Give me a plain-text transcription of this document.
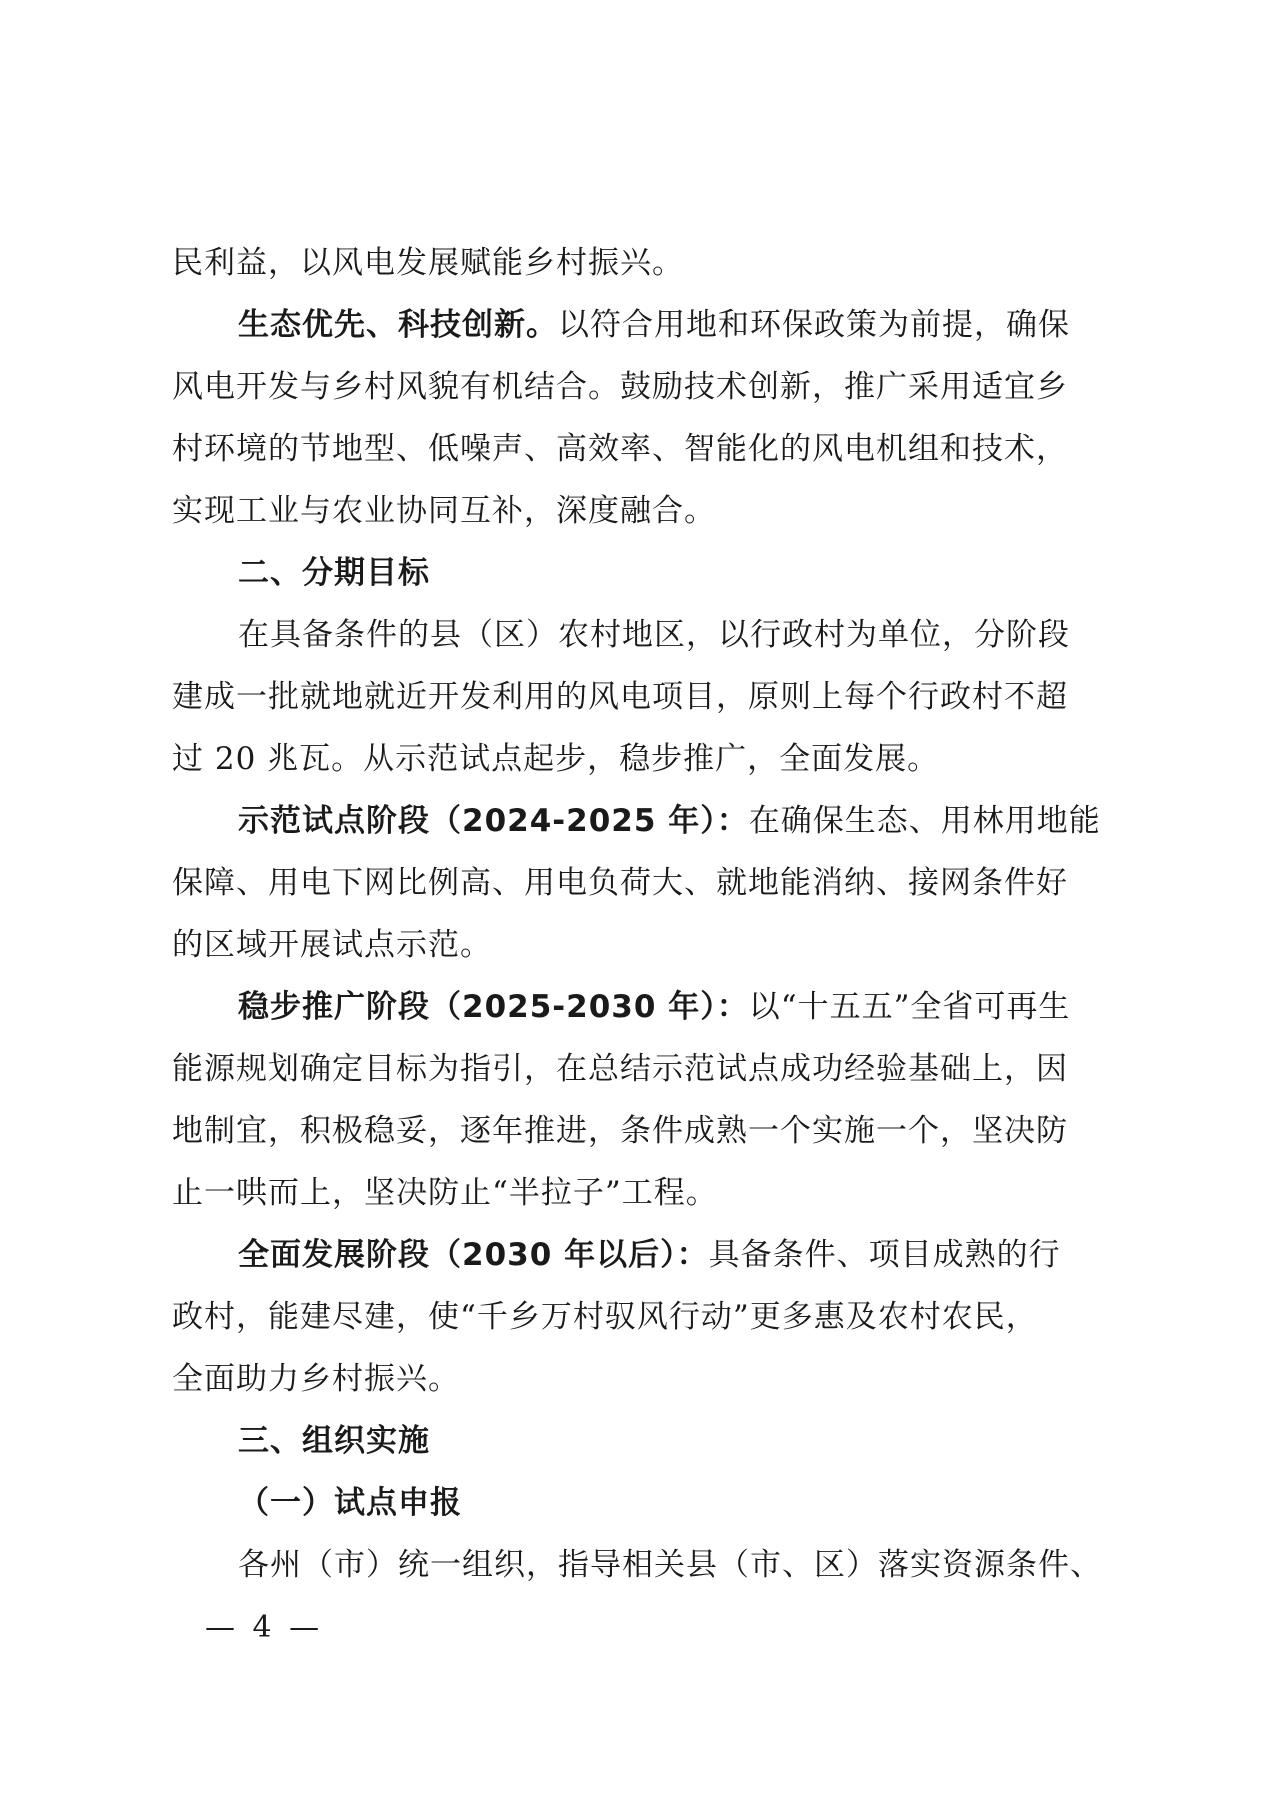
民利益，以风电发展赋能乡村振兴。
生态优先、科技创新。以符合用地和环保政策为前提，确保
风电开发与乡村风貌有机结合。鼓励技术创新，推广采用适宜乡
村环境的节地型、低噪声、高效率、智能化的风电机组和技术，
实现工业与农业协同互补，深度融合。
二、分期目标
在具备条件的县（区）农村地区，以行政村为单位，分阶段
建成一批就地就近开发利用的风电项目，原则上每个行政村不超
过 20 兆瓦。从示范试点起步，稳步推广，全面发展。
示范试点阶段（2024-2025 年）：在确保生态、用林用地能
保障、用电下网比例高、用电负荷大、就地能消纳、接网条件好
的区域开展试点示范。
稳步推广阶段（2025-2030 年）：以“十五五”全省可再生
能源规划确定目标为指引，在总结示范试点成功经验基础上，因
地制宜，积极稳妥，逐年推进，条件成熟一个实施一个，坚决防
止一哄而上，坚决防止“半拉子”工程。
全面发展阶段（2030 年以后）：具备条件、项目成熟的行
政村，能建尽建，使“千乡万村驭风行动”更多惠及农村农民，
全面助力乡村振兴。
三、组织实施
（一）试点申报
各州（市）统一组织，指导相关县（市、区）落实资源条件、
— 4 —
